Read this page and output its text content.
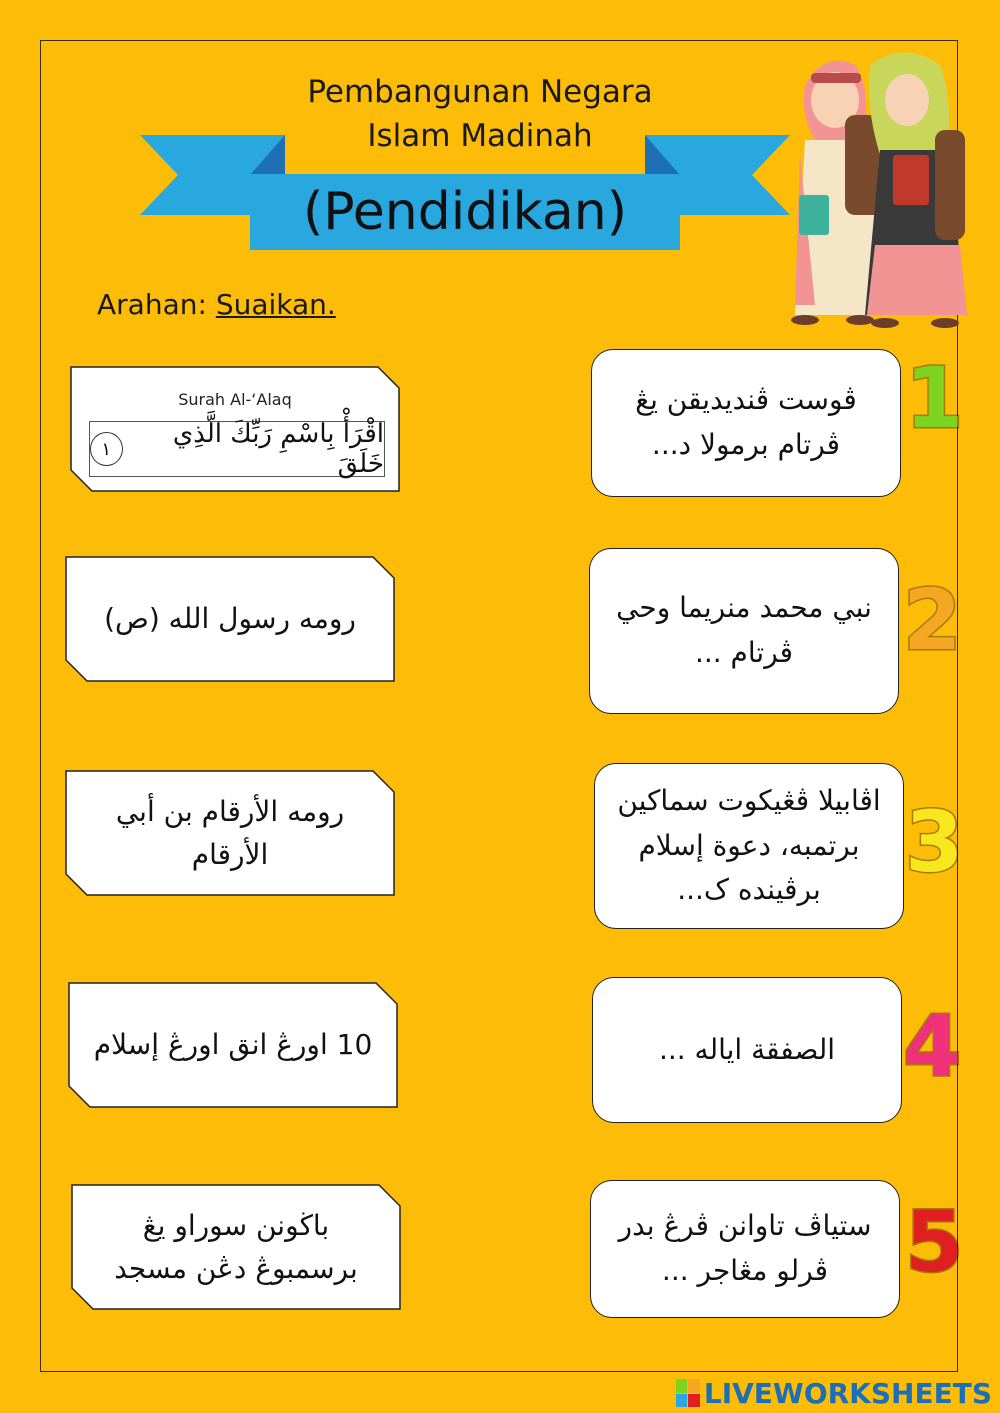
Pembangunan Negara
Islam Madinah
(Pendidikan)
Arahan: Suaikan.
Surah Al-‘Alaq
اقْرَأْ بِاسْمِ رَبِّكَ الَّذِي خَلَقَ
١
رومه رسول الله (ص)
رومه الأرقام بن أبي الأرقام
10 اورڠ انق اورڠ إسلام
باڬونن سوراو يڠ برسمبوڠ دڠن مسجد
ڤوست ڤنديديقن يڠ ڤرتام برمولا د... 1
نبي محمد منريما وحي ڤرتام ...	2
اڤابيلا ڤڠيكوت سماكين برتمبه، دعوة إسلام برڤينده ک...	3
الصفقة اياله ... 4
ستياڤ تاوانن ڤرڠ بدر ڤرلو مڠاجر ... 5
LIVEWORKSHEETS
